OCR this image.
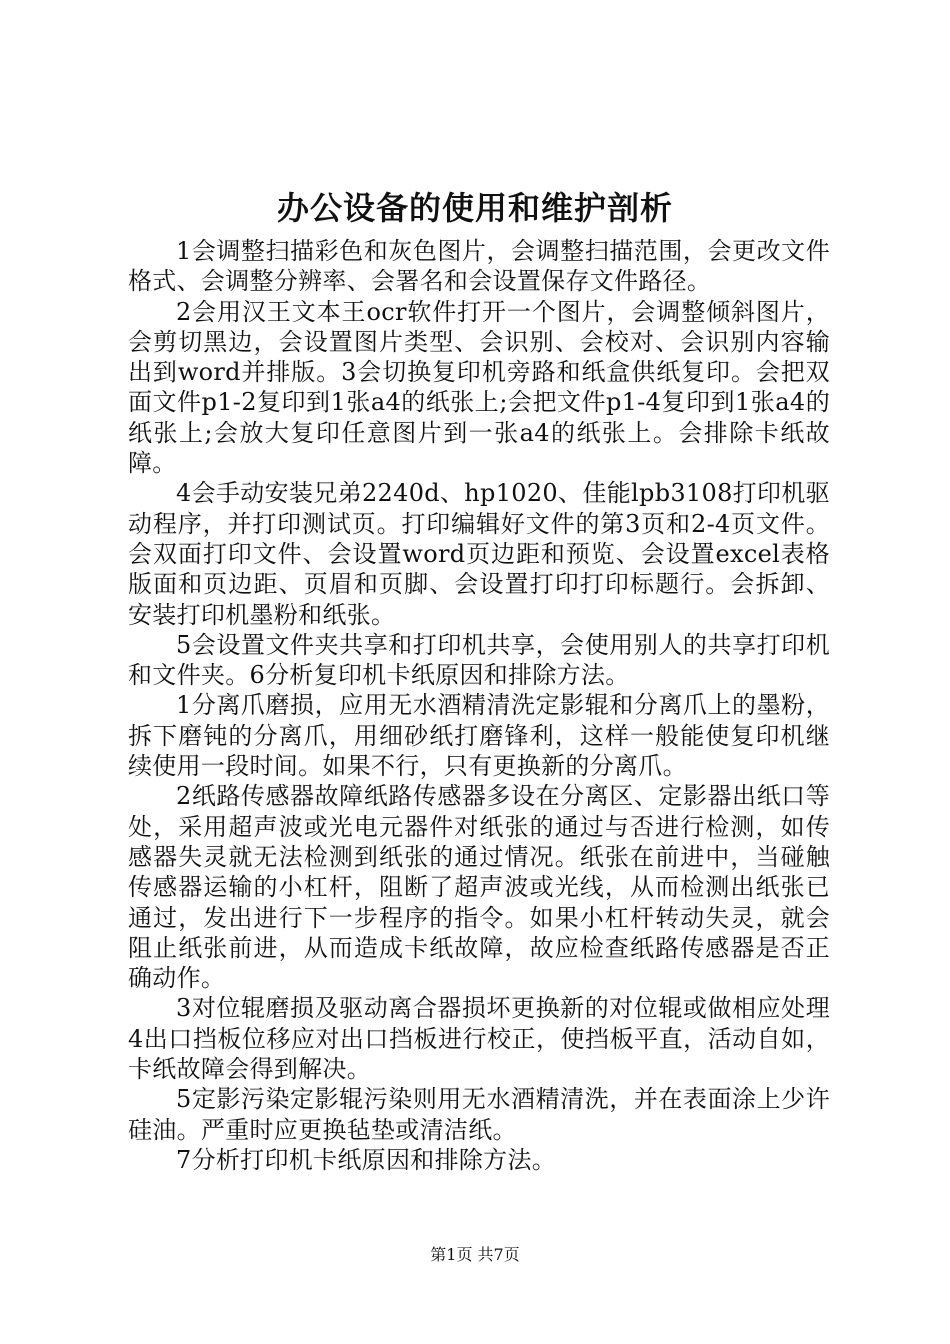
办公设备的使用和维护剖析

1会调整扫描彩色和灰色图片，会调整扫描范围，会更改文件格式、会调整分辨率、会署名和会设置保存文件路径。

2会用汉王文本王ocr软件打开一个图片，会调整倾斜图片，会剪切黑边，会设置图片类型、会识别、会校对、会识别内容输出到word并排版。3会切换复印机旁路和纸盒供纸复印。会把双面文件p1-2复印到1张a4的纸张上;会把文件p1-4复印到1张a4的纸张上;会放大复印任意图片到一张a4的纸张上。会排除卡纸故障。

4会手动安装兄弟2240d、hp1020、佳能lpb3108打印机驱动程序，并打印测试页。打印编辑好文件的第3页和2-4页文件。会双面打印文件、会设置word页边距和预览、会设置excel表格版面和页边距、页眉和页脚、会设置打印打印标题行。会拆卸、安装打印机墨粉和纸张。

5会设置文件夹共享和打印机共享，会使用别人的共享打印机和文件夹。6分析复印机卡纸原因和排除方法。

1分离爪磨损，应用无水酒精清洗定影辊和分离爪上的墨粉，拆下磨钝的分离爪，用细砂纸打磨锋利，这样一般能使复印机继续使用一段时间。如果不行，只有更换新的分离爪。

2纸路传感器故障纸路传感器多设在分离区、定影器出纸口等处，采用超声波或光电元器件对纸张的通过与否进行检测，如传感器失灵就无法检测到纸张的通过情况。纸张在前进中，当碰触传感器运输的小杠杆，阻断了超声波或光线，从而检测出纸张已通过，发出进行下一步程序的指令。如果小杠杆转动失灵，就会阻止纸张前进，从而造成卡纸故障，故应检查纸路传感器是否正确动作。

3对位辊磨损及驱动离合器损坏更换新的对位辊或做相应处理4出口挡板位移应对出口挡板进行校正，使挡板平直，活动自如，卡纸故障会得到解决。

5定影污染定影辊污染则用无水酒精清洗，并在表面涂上少许硅油。严重时应更换毡垫或清洁纸。

7分析打印机卡纸原因和排除方法。

第1页 共7页
